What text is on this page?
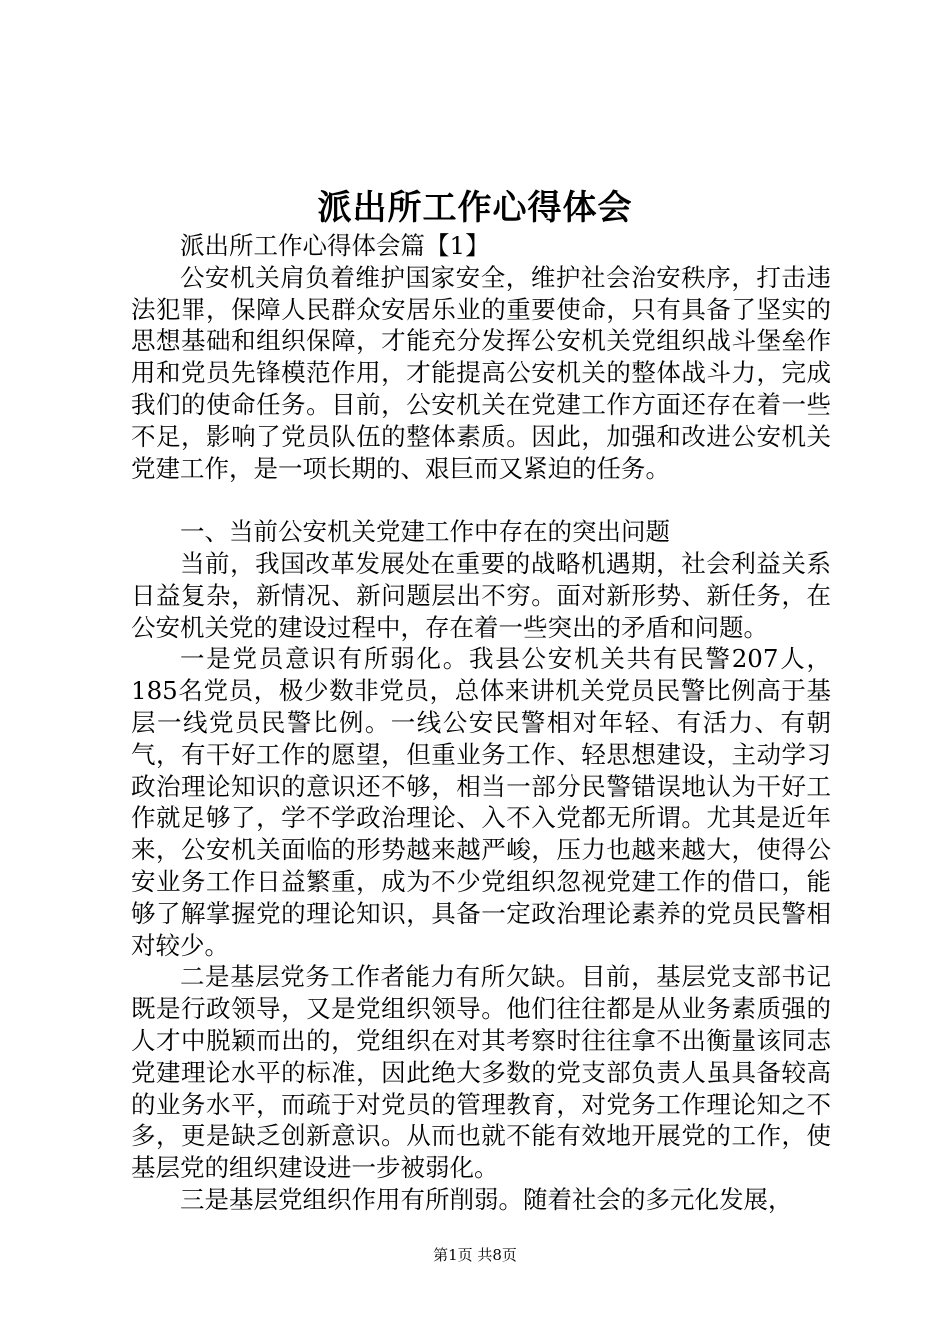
派出所工作心得体会

派出所工作心得体会篇【1】

公安机关肩负着维护国家安全，维护社会治安秩序，打击违法犯罪，保障人民群众安居乐业的重要使命，只有具备了坚实的思想基础和组织保障，才能充分发挥公安机关党组织战斗堡垒作用和党员先锋模范作用，才能提高公安机关的整体战斗力，完成我们的使命任务。目前，公安机关在党建工作方面还存在着一些不足，影响了党员队伍的整体素质。因此，加强和改进公安机关党建工作，是一项长期的、艰巨而又紧迫的任务。

一、当前公安机关党建工作中存在的突出问题

当前，我国改革发展处在重要的战略机遇期，社会利益关系日益复杂，新情况、新问题层出不穷。面对新形势、新任务，在公安机关党的建设过程中，存在着一些突出的矛盾和问题。

一是党员意识有所弱化。我县公安机关共有民警207人，185名党员，极少数非党员，总体来讲机关党员民警比例高于基层一线党员民警比例。一线公安民警相对年轻、有活力、有朝气，有干好工作的愿望，但重业务工作、轻思想建设，主动学习政治理论知识的意识还不够，相当一部分民警错误地认为干好工作就足够了，学不学政治理论、入不入党都无所谓。尤其是近年来，公安机关面临的形势越来越严峻，压力也越来越大，使得公安业务工作日益繁重，成为不少党组织忽视党建工作的借口，能够了解掌握党的理论知识，具备一定政治理论素养的党员民警相对较少。

二是基层党务工作者能力有所欠缺。目前，基层党支部书记既是行政领导，又是党组织领导。他们往往都是从业务素质强的人才中脱颖而出的，党组织在对其考察时往往拿不出衡量该同志党建理论水平的标准，因此绝大多数的党支部负责人虽具备较高的业务水平，而疏于对党员的管理教育，对党务工作理论知之不多，更是缺乏创新意识。从而也就不能有效地开展党的工作，使基层党的组织建设进一步被弱化。

三是基层党组织作用有所削弱。随着社会的多元化发展，

第1页 共8页
